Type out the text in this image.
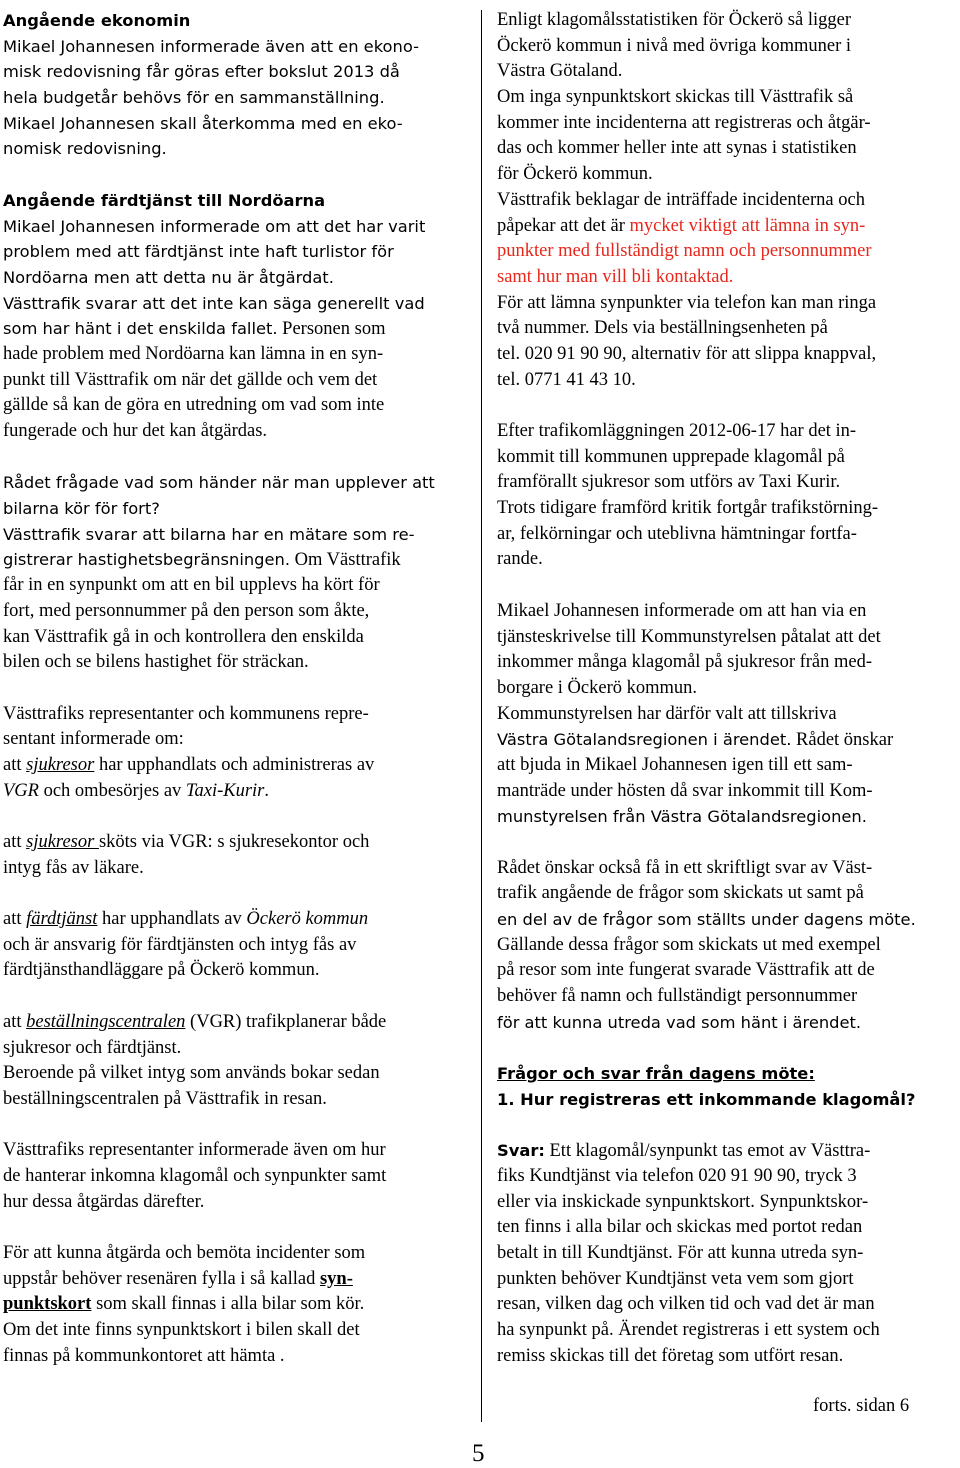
Angående ekonomin
Mikael Johannesen informerade även att en ekono-
misk redovisning får göras efter bokslut 2013 då
hela budgetår behövs för en sammanställning.
Mikael Johannesen skall återkomma med en eko-
nomisk redovisning.
Angående färdtjänst till Nordöarna
Mikael Johannesen informerade om att det har varit
problem med att färdtjänst inte haft turlistor för
Nordöarna men att detta nu är åtgärdat.
Västtrafik svarar att det inte kan säga generellt vad
som har hänt i det enskilda fallet. Personen som
hade problem med Nordöarna kan lämna in en syn-
punkt till Västtrafik om när det gällde och vem det
gällde så kan de göra en utredning om vad som inte
fungerade och hur det kan åtgärdas.
Rådet frågade vad som händer när man upplever att
bilarna kör för fort?
Västtrafik svarar att bilarna har en mätare som re-
gistrerar hastighetsbegränsningen. Om Västtrafik
får in en synpunkt om att en bil upplevs ha kört för
fort, med personnummer på den person som åkte,
kan Västtrafik gå in och kontrollera den enskilda
bilen och se bilens hastighet för sträckan.
Västtrafiks representanter och kommunens repre-
sentant informerade om:
att sjukresor har upphandlats och administreras av
VGR och ombesörjes av Taxi-Kurir.
att sjukresor sköts via VGR: s sjukresekontor och
intyg fås av läkare.
att färdtjänst har upphandlats av Öckerö kommun
och är ansvarig för färdtjänsten och intyg fås av
färdtjänsthandläggare på Öckerö kommun.
att beställningscentralen (VGR) trafikplanerar både
sjukresor och färdtjänst.
Beroende på vilket intyg som används bokar sedan
beställningscentralen på Västtrafik in resan.
Västtrafiks representanter informerade även om hur
de hanterar inkomna klagomål och synpunkter samt
hur dessa åtgärdas därefter.
För att kunna åtgärda och bemöta incidenter som
uppstår behöver resenären fylla i så kallad syn-
punktskort som skall finnas i alla bilar som kör.
Om det inte finns synpunktskort i bilen skall det
finnas på kommunkontoret att hämta .
Enligt klagomålsstatistiken för Öckerö så ligger
Öckerö kommun i nivå med övriga kommuner i
Västra Götaland.
Om inga synpunktskort skickas till Västtrafik så
kommer inte incidenterna att registreras och åtgär-
das och kommer heller inte att synas i statistiken
för Öckerö kommun.
Västtrafik beklagar de inträffade incidenterna och
påpekar att det är mycket viktigt att lämna in syn-
punkter med fullständigt namn och personnummer
samt hur man vill bli kontaktad.
För att lämna synpunkter via telefon kan man ringa
två nummer. Dels via beställningsenheten på
tel. 020 91 90 90, alternativ för att slippa knappval,
tel. 0771 41 43 10.
Efter trafikomläggningen 2012-06-17 har det in-
kommit till kommunen upprepade klagomål på
framförallt sjukresor som utförs av Taxi Kurir.
Trots tidigare framförd kritik fortgår trafikstörning-
ar, felkörningar och uteblivna hämtningar fortfa-
rande.
Mikael Johannesen informerade om att han via en
tjänsteskrivelse till Kommunstyrelsen påtalat att det
inkommer många klagomål på sjukresor från med-
borgare i Öckerö kommun.
Kommunstyrelsen har därför valt att tillskriva
Västra Götalandsregionen i ärendet. Rådet önskar
att bjuda in Mikael Johannesen igen till ett sam-
manträde under hösten då svar inkommit till Kom-
munstyrelsen från Västra Götalandsregionen.
Rådet önskar också få in ett skriftligt svar av Väst-
trafik angående de frågor som skickats ut samt på
en del av de frågor som ställts under dagens möte.
Gällande dessa frågor som skickats ut med exempel
på resor som inte fungerat svarade Västtrafik att de
behöver få namn och fullständigt personnummer
för att kunna utreda vad som hänt i ärendet.
Frågor och svar från dagens möte:
1. Hur registreras ett inkommande klagomål?
Svar: Ett klagomål/synpunkt tas emot av Västtra-
fiks Kundtjänst via telefon 020 91 90 90, tryck 3
eller via inskickade synpunktskort. Synpunktskor-
ten finns i alla bilar och skickas med portot redan
betalt in till Kundtjänst. För att kunna utreda syn-
punkten behöver Kundtjänst veta vem som gjort
resan, vilken dag och vilken tid och vad det är man
ha synpunkt på. Ärendet registreras i ett system och
remiss skickas till det företag som utfört resan.
forts. sidan 6
5
